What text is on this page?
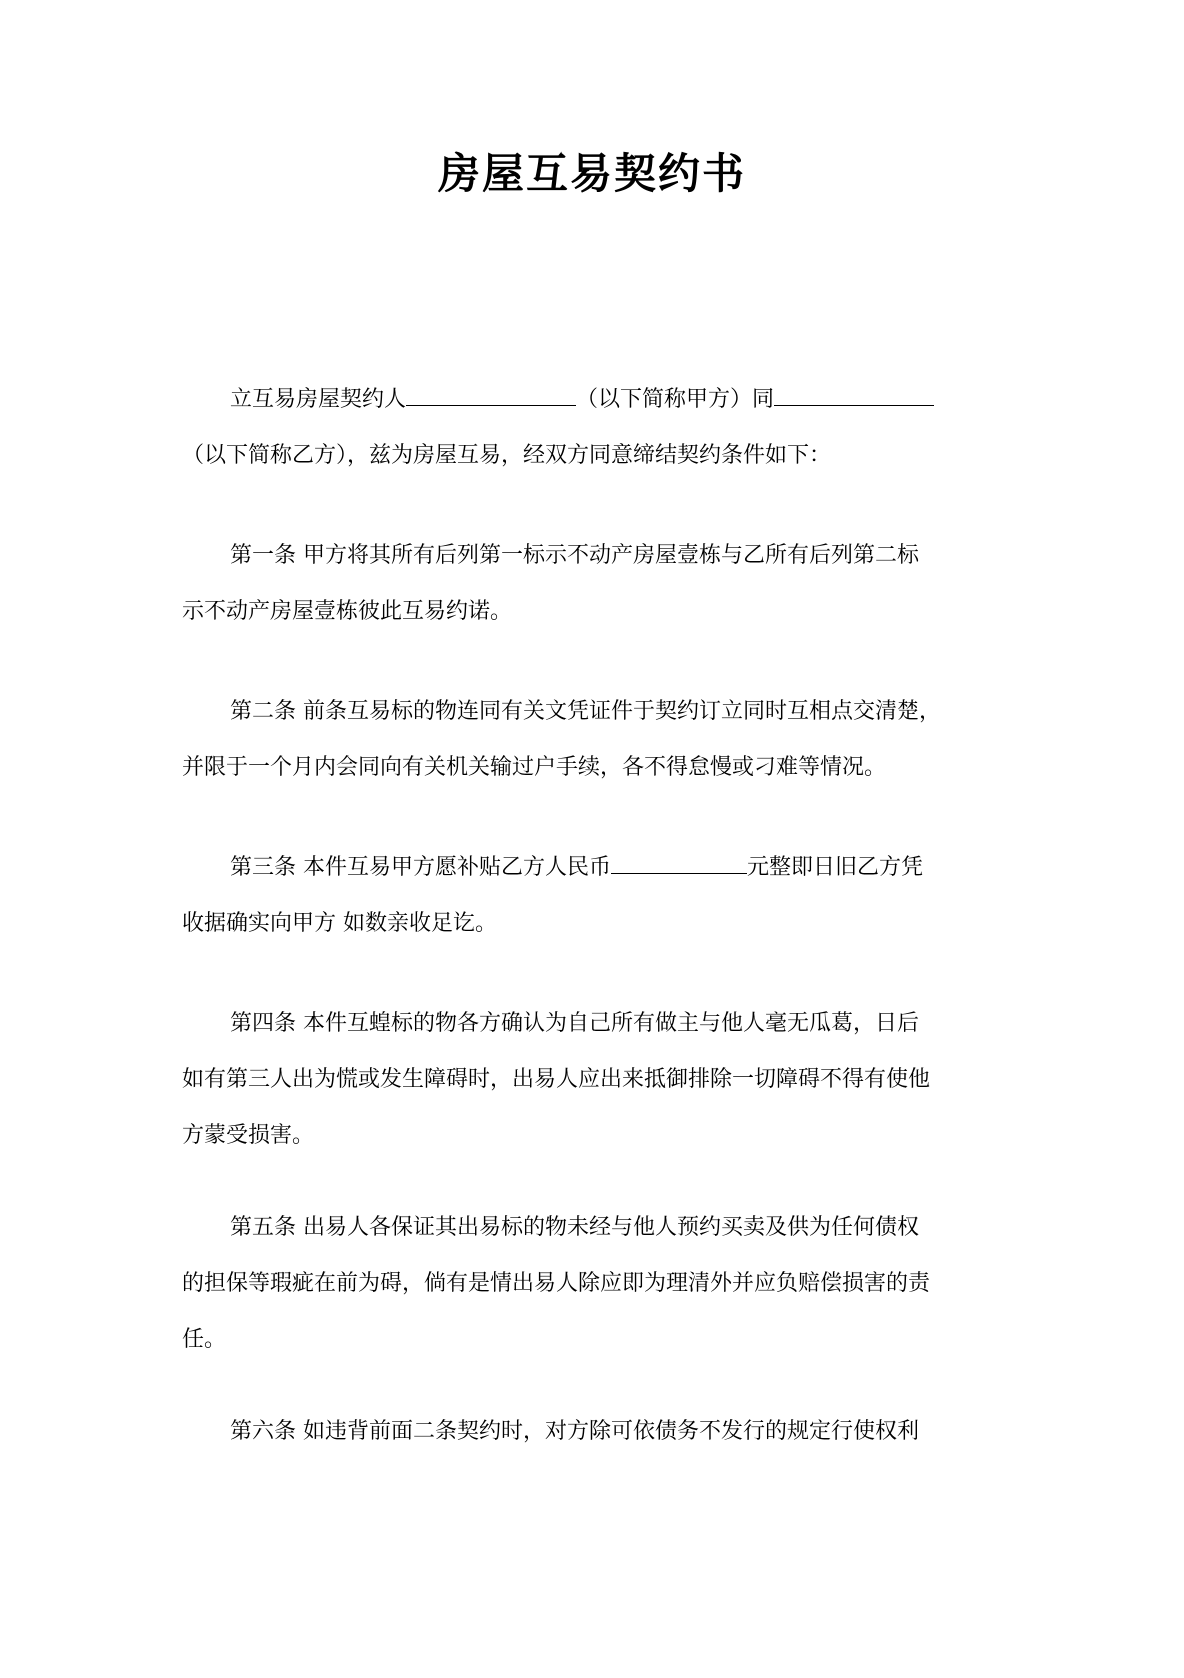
房屋互易契约书
立互易房屋契约人	（以下简称甲方）同
（以下简称乙方），兹为房屋互易，经双方同意缔结契约条件如下：
第一条 甲方将其所有后列第一标示不动产房屋壹栋与乙所有后列第二标
示不动产房屋壹栋彼此互易约诺。
第二条 前条互易标的物连同有关文凭证件于契约订立同时互相点交清楚，
并限于一个月内会同向有关机关输过户手续，各不得怠慢或刁难等情况。
第三条 本件互易甲方愿补贴乙方人民币	元整即日旧乙方凭
收据确实向甲方 如数亲收足讫。
第四条 本件互蝗标的物各方确认为自己所有做主与他人毫无瓜葛，日后
如有第三人出为慌或发生障碍时，出易人应出来抵御排除一切障碍不得有使他
方蒙受损害。
第五条 出易人各保证其出易标的物未经与他人预约买卖及供为任何债权
的担保等瑕疵在前为碍，倘有是情出易人除应即为理清外并应负赔偿损害的责
任。
第六条 如违背前面二条契约时，对方除可依债务不发行的规定行使权利
